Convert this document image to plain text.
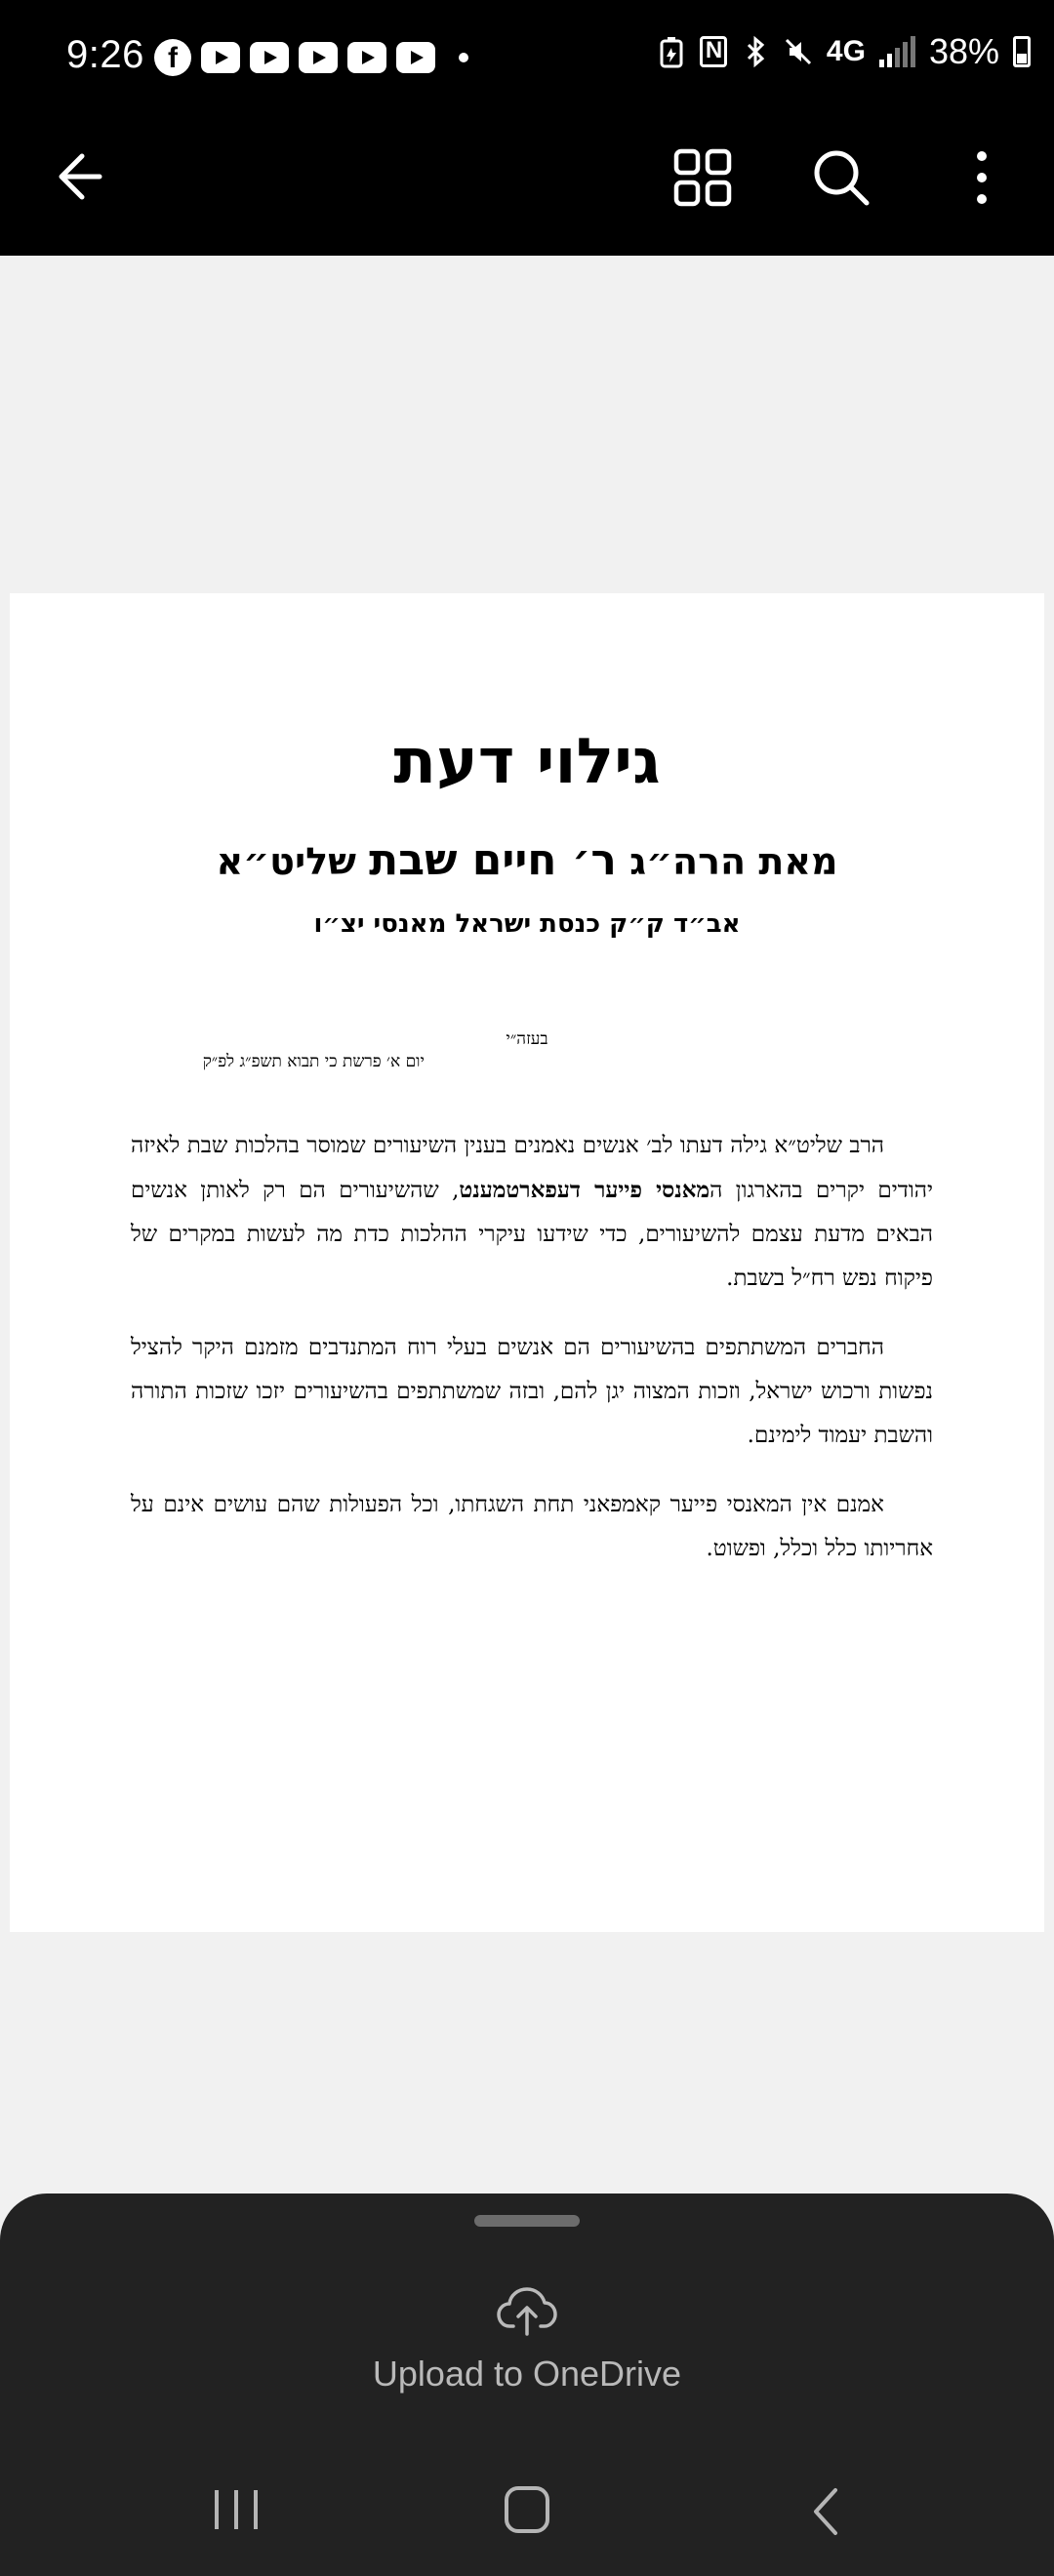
9:26 f
N	4G 38%
גילוי דעת
מאת הרה״ג ר׳ חיים שבת שליט״א
אב״ד ק״ק כנסת ישראל מאנסי יצ״ו
בעזה״י
יום א׳ פרשת כי תבוא תשפ״ג לפ״ק

הרב שליט״א גילה דעתו לב׳ אנשים נאמנים בענין השיעורים שמוסר בהלכות שבת לאיזה יהודים יקרים בהארגון המאנסי פייער דעפארטמענט, שהשיעורים הם רק לאותן אנשים הבאים מדעת עצמם להשיעורים, כדי שידעו עיקרי ההלכות כדת מה לעשות במקרים של פיקוח נפש רח״ל בשבת.

החברים המשתתפים בהשיעורים הם אנשים בעלי רוח המתנדבים מזמנם היקר להציל נפשות ורכוש ישראל, וזכות המצוה יגן להם, ובזה שמשתתפים בהשיעורים יזכו שזכות התורה והשבת יעמוד לימינם.

אמנם אין המאנסי פייער קאמפאני תחת השגחתו, וכל הפעולות שהם עושים אינם על אחריותו כלל וכלל, ופשוט.

Upload to OneDrive
